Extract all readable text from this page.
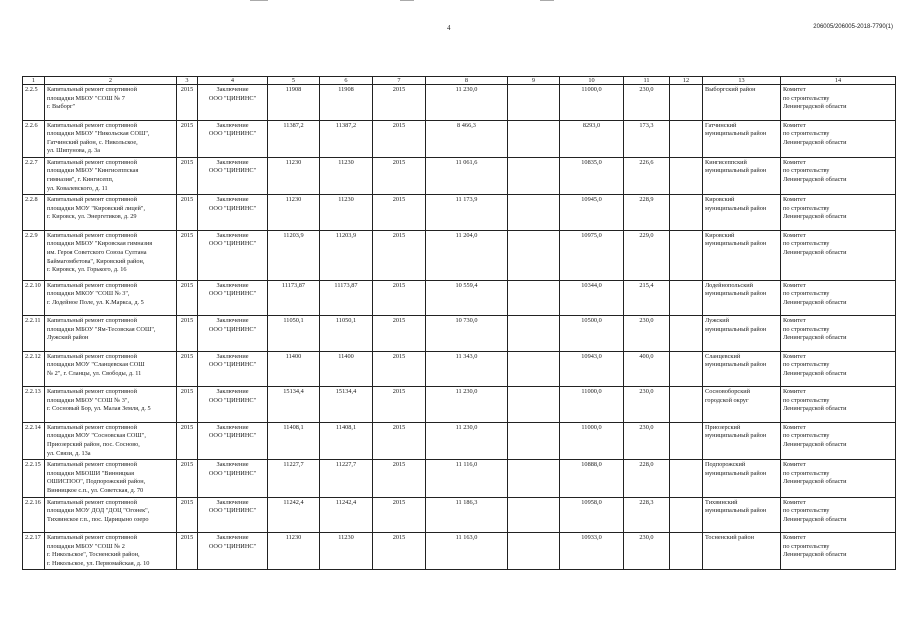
4	206005/206005-2018-7790(1)
1	2	3	4	5	6	7	8	9	10	11	12	13	14
2.2.5	Капитальный ремонт спортивной
площадки МБОУ "СОШ № 7
г. Выборг"	2015	Заключение
ООО "ЦИНИНС"	11908	11908	2015	11 230,0		11000,0	230,0		Выборгский район	Комитет
по строительству
Ленинградской области
2.2.6	Капитальный ремонт спортивной
площадки МБОУ "Никольская СОШ",
Гатчинский район, с. Никольское,
ул. Шипунова, д. 3а	2015	Заключение
ООО "ЦИНИНС"	11387,2	11387,2	2015	8 466,3		8293,0	173,3		Гатчинский
муниципальный район	Комитет
по строительству
Ленинградской области
2.2.7	Капитальный ремонт спортивной
площадки МБОУ "Кингисеппская
гимназия", г. Кингисепп,
ул. Ковалевского, д. 11	2015	Заключение
ООО "ЦИНИНС"	11230	11230	2015	11 061,6		10835,0	226,6		Кингисеппский
муниципальный район	Комитет
по строительству
Ленинградской области
2.2.8	Капитальный ремонт спортивной
площадки МОУ "Кировский лицей",
г. Кировск, ул. Энергетиков, д. 29	2015	Заключение
ООО "ЦИНИНС"	11230	11230	2015	11 173,9		10945,0	228,9		Кировский
муниципальный район	Комитет
по строительству
Ленинградской области
2.2.9	Капитальный ремонт спортивной
площадки МБОУ "Кировская гимназия
им. Героя Советского Союза Султана
Баймагомбетова", Кировский район,
г. Кировск, ул. Горького, д. 16	2015	Заключение
ООО "ЦИНИНС"	11203,9	11203,9	2015	11 204,0		10975,0	229,0		Кировский
муниципальный район	Комитет
по строительству
Ленинградской области
2.2.10	Капитальный ремонт спортивной
площадки МКОУ "СОШ № 3",
г. Лодейное Поле, ул. К.Маркса, д. 5	2015	Заключение
ООО "ЦИНИНС"	11173,87	11173,87	2015	10 559,4		10344,0	215,4		Лодейнопольский
муниципальный район	Комитет
по строительству
Ленинградской области
2.2.11	Капитальный ремонт спортивной
площадки МБОУ "Ям-Тесовская СОШ",
Лужский район	2015	Заключение
ООО "ЦИНИНС"	11050,1	11050,1	2015	10 730,0		10500,0	230,0		Лужский
муниципальный район	Комитет
по строительству
Ленинградской области
2.2.12	Капитальный ремонт спортивной
площадки МОУ "Сланцевская СОШ
№ 2", г. Сланцы, ул. Свободы, д. 11	2015	Заключение
ООО "ЦИНИНС"	11400	11400	2015	11 343,0		10943,0	400,0		Сланцевский
муниципальный район	Комитет
по строительству
Ленинградской области
2.2.13	Капитальный ремонт спортивной
площадки МБОУ "СОШ № 3",
г. Сосновый Бор, ул. Малая Земля, д. 5	2015	Заключение
ООО "ЦИНИНС"	15134,4	15134,4	2015	11 230,0		11000,0	230,0		Сосновоборский
городской округ	Комитет
по строительству
Ленинградской области
2.2.14	Капитальный ремонт спортивной
площадки МОУ "Сосновская СОШ",
Приозерский район, пос. Сосново,
ул. Связи, д. 13а	2015	Заключение
ООО "ЦИНИНС"	11408,1	11408,1	2015	11 230,0		11000,0	230,0		Приозерский
муниципальный район	Комитет
по строительству
Ленинградской области
2.2.15	Капитальный ремонт спортивной
площадки МБОШИ "Винницкая
ОШИСПОО", Подпорожский район,
Винницкое с.п., ул. Советская, д. 70	2015	Заключение
ООО "ЦИНИНС"	11227,7	11227,7	2015	11 116,0		10888,0	228,0		Подпорожский
муниципальный район	Комитет
по строительству
Ленинградской области
2.2.16	Капитальный ремонт спортивной
площадки МОУ ДОД "ДОЦ "Огонек",
Тихвинское г.п., пос. Царицыно озеро	2015	Заключение
ООО "ЦИНИНС"	11242,4	11242,4	2015	11 186,3		10958,0	228,3		Тихвинский
муниципальный район	Комитет
по строительству
Ленинградской области
2.2.17	Капитальный ремонт спортивной
площадки МБОУ "СОШ № 2
г. Никольское", Тосненский район,
г. Никольское, ул. Первомайская, д. 10	2015	Заключение
ООО "ЦИНИНС"	11230	11230	2015	11 163,0		10933,0	230,0		Тосненский район	Комитет
по строительству
Ленинградской области
